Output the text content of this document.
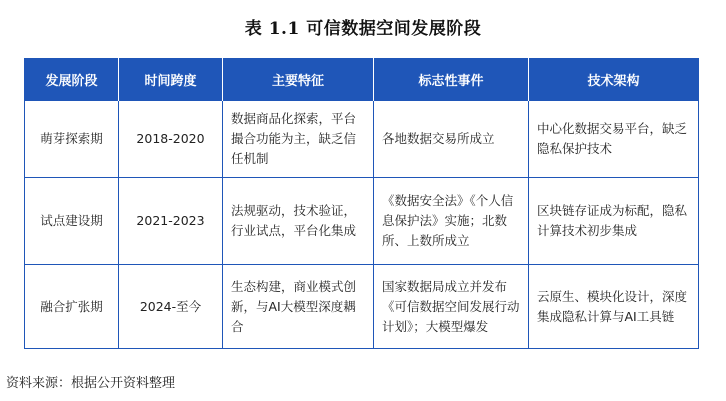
表 1.1 可信数据空间发展阶段
发展阶段	时间跨度	主要特征	标志性事件	技术架构
萌芽探索期	2018-2020	数据商品化探索，平台撮合功能为主，缺乏信任机制	各地数据交易所成立	中心化数据交易平台，缺乏隐私保护技术
试点建设期	2021-2023	法规驱动，技术验证，行业试点，平台化集成	《数据安全法》《个人信息保护法》实施；北数所、上数所成立	区块链存证成为标配，隐私计算技术初步集成
融合扩张期	2024-至今	生态构建，商业模式创新，与AI大模型深度耦合	国家数据局成立并发布《可信数据空间发展行动计划》；大模型爆发	云原生、模块化设计，深度集成隐私计算与AI工具链
资料来源：根据公开资料整理
